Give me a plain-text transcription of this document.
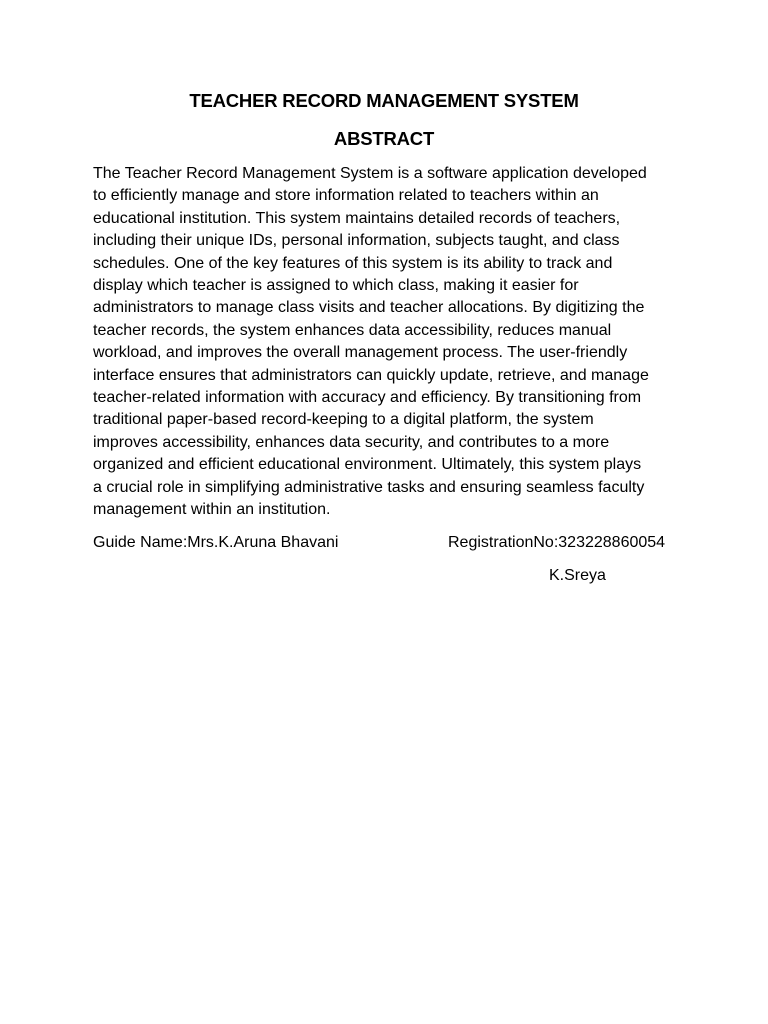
TEACHER RECORD MANAGEMENT SYSTEM
ABSTRACT

The Teacher Record Management System is a software application developed
to efficiently manage and store information related to teachers within an
educational institution. This system maintains detailed records of teachers,
including their unique IDs, personal information, subjects taught, and class
schedules. One of the key features of this system is its ability to track and
display which teacher is assigned to which class, making it easier for
administrators to manage class visits and teacher allocations. By digitizing the
teacher records, the system enhances data accessibility, reduces manual
workload, and improves the overall management process. The user-friendly
interface ensures that administrators can quickly update, retrieve, and manage
teacher-related information with accuracy and efficiency. By transitioning from
traditional paper-based record-keeping to a digital platform, the system
improves accessibility, enhances data security, and contributes to a more
organized and efficient educational environment. Ultimately, this system plays
a crucial role in simplifying administrative tasks and ensuring seamless faculty
management within an institution.

Guide Name:Mrs.K.Aruna Bhavani	RegistrationNo:323228860054

K.Sreya
